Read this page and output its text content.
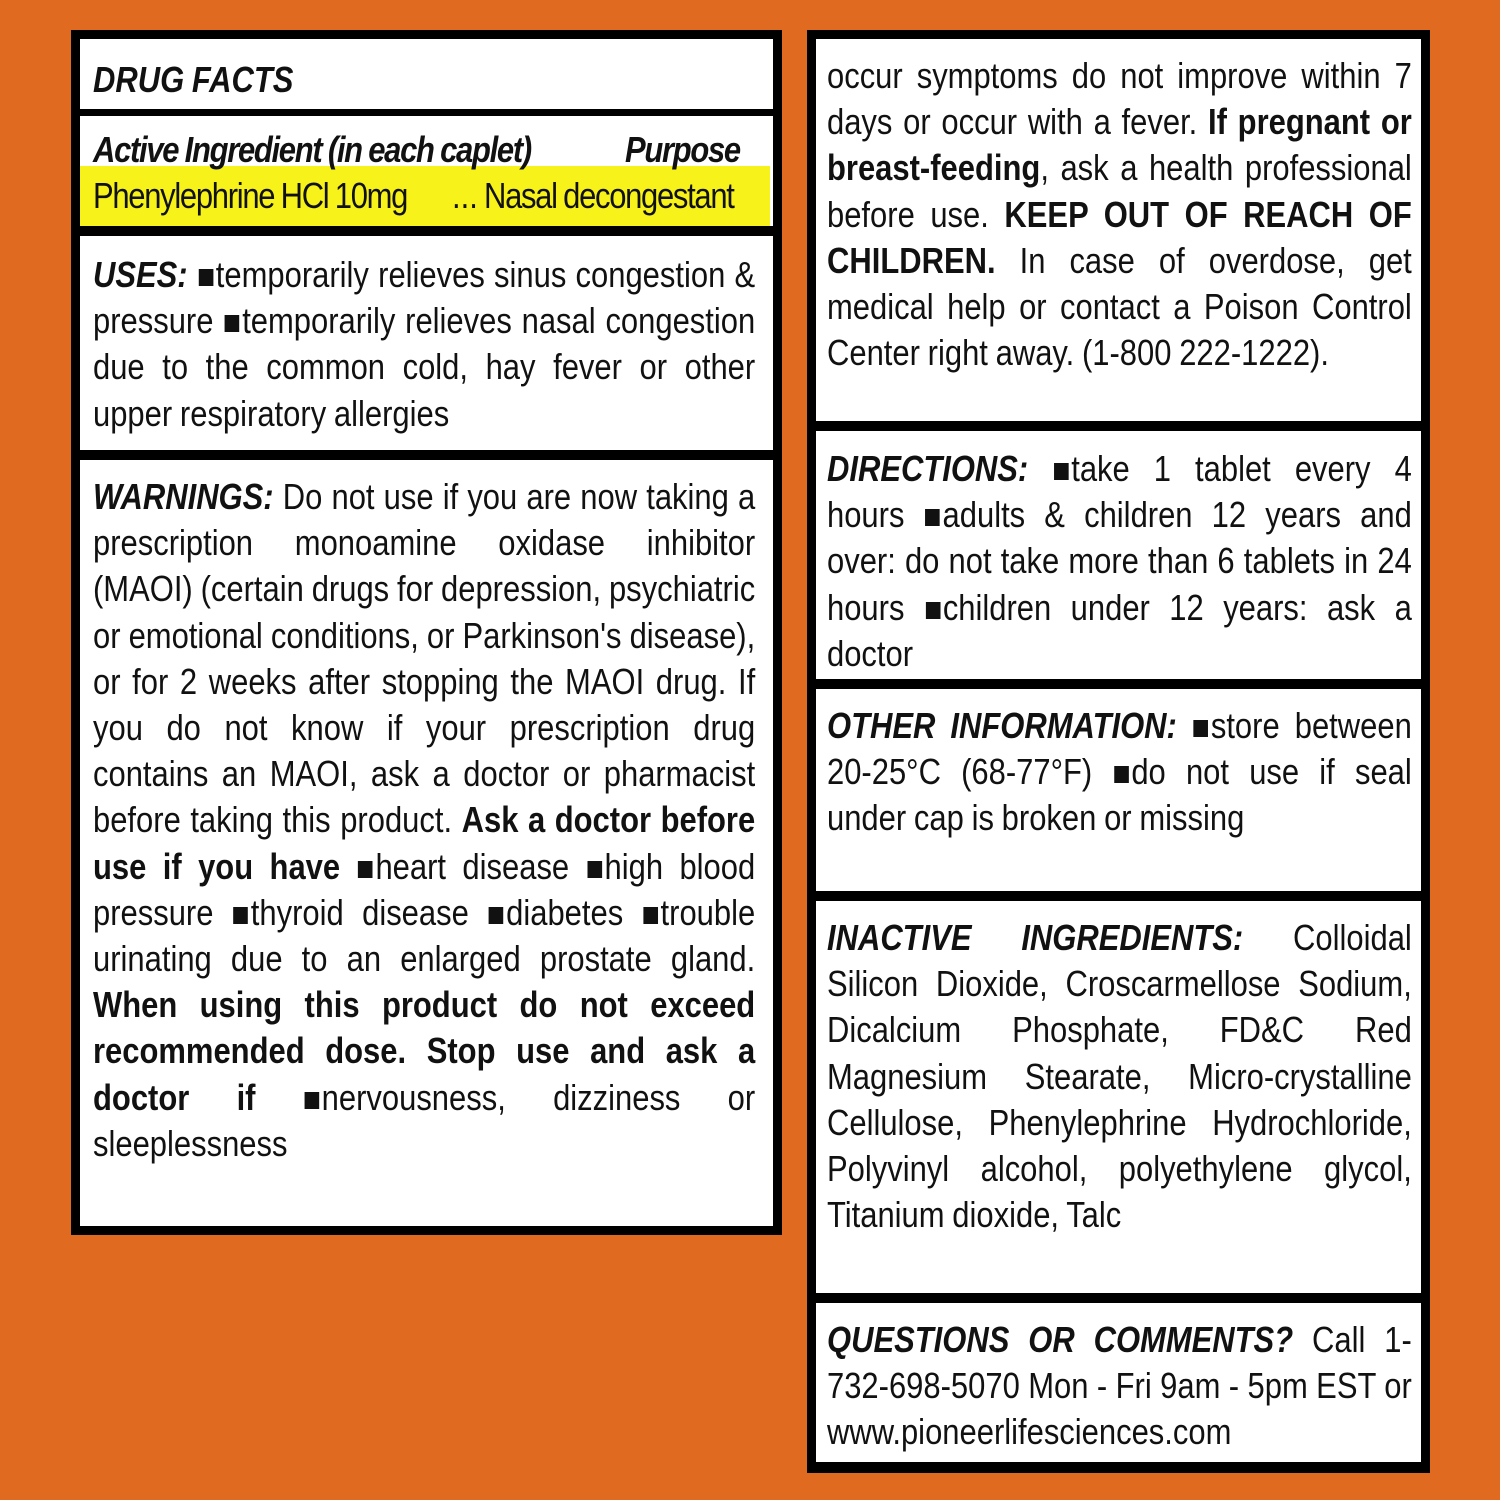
DRUG FACTS
Active Ingredient (in each caplet)	Purpose
Phenylephrine HCl 10mg ... Nasal decongestant
USES: temporarily relieves sinus congestion & pressure temporarily relieves nasal congestion due to the common cold, hay fever or other upper respiratory allergies
WARNINGS: Do not use if you are now taking a prescription monoamine oxidase inhibitor (MAOI) (certain drugs for depression, psychiatric or emotional conditions, or Parkinson's disease), or for 2 weeks after stopping the MAOI drug. If you do not know if your prescription drug contains an MAOI, ask a doctor or pharmacist before taking this product. Ask a doctor before use if you have heart disease high blood pressure thyroid disease diabetes trouble urinating due to an enlarged prostate gland. When using this product do not exceed recommended dose. Stop use and ask a doctor if nervousness, dizziness or sleeplessness
occur symptoms do not improve within 7 days or occur with a fever. If pregnant or breast-feeding, ask a health professional before use. KEEP OUT OF REACH OF CHILDREN. In case of overdose, get medical help or contact a Poison Control Center right away. (1-800 222-1222).
DIRECTIONS: take 1 tablet every 4 hours adults & children 12 years and over: do not take more than 6 tablets in 24 hours children under 12 years: ask a doctor
OTHER INFORMATION: store between 20-25°C (68-77°F) do not use if seal under cap is broken or missing
INACTIVE INGREDIENTS: Colloidal Silicon Dioxide, Croscarmellose Sodium, Dicalcium Phosphate, FD&C Red Magnesium Stearate, Micro-crystalline Cellulose, Phenylephrine Hydrochloride, Polyvinyl alcohol, polyethylene glycol, Titanium dioxide, Talc
QUESTIONS OR COMMENTS? Call 1-732-698-5070 Mon - Fri 9am - 5pm EST or www.pioneerlifesciences.com
